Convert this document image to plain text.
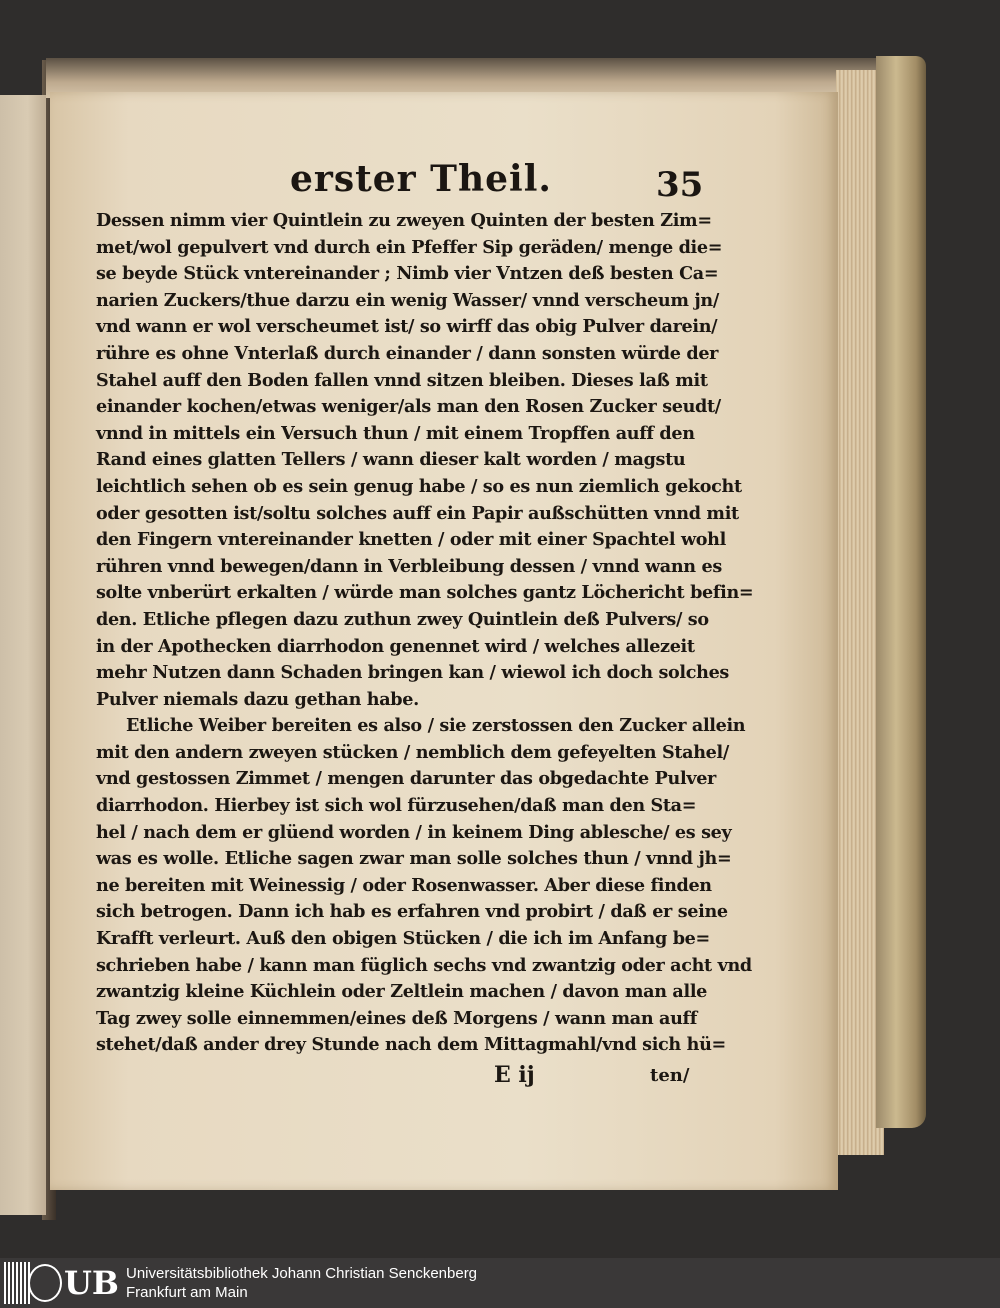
erster Theil.	35
Dessen nimm vier Quintlein zu zweyen Quinten der besten Zim=
met/wol gepulvert vnd durch ein Pfeffer Sip geräden/ menge die=
se beyde Stück vntereinander ; Nimb vier Vntzen deß besten Ca=
narien Zuckers/thue darzu ein wenig Wasser/ vnnd verscheum jn/
vnd wann er wol verscheumet ist/ so wirff das obig Pulver darein/
rühre es ohne Vnterlaß durch einander / dann sonsten würde der
Stahel auff den Boden fallen vnnd sitzen bleiben. Dieses laß mit
einander kochen/etwas weniger/als man den Rosen Zucker seudt/
vnnd in mittels ein Versuch thun / mit einem Tropffen auff den
Rand eines glatten Tellers / wann dieser kalt worden / magstu
leichtlich sehen ob es sein genug habe / so es nun ziemlich gekocht
oder gesotten ist/soltu solches auff ein Papir außschütten vnnd mit
den Fingern vntereinander knetten / oder mit einer Spachtel wohl
rühren vnnd bewegen/dann in Verbleibung dessen / vnnd wann es
solte vnberürt erkalten / würde man solches gantz Löchericht befin=
den. Etliche pflegen dazu zuthun zwey Quintlein deß Pulvers/ so
in der Apothecken diarrhodon genennet wird / welches allezeit
mehr Nutzen dann Schaden bringen kan / wiewol ich doch solches
Pulver niemals dazu gethan habe.
Etliche Weiber bereiten es also / sie zerstossen den Zucker allein
mit den andern zweyen stücken / nemblich dem gefeyelten Stahel/
vnd gestossen Zimmet / mengen darunter das obgedachte Pulver
diarrhodon. Hierbey ist sich wol fürzusehen/daß man den Sta=
hel / nach dem er glüend worden / in keinem Ding ablesche/ es sey
was es wolle. Etliche sagen zwar man solle solches thun / vnnd jh=
ne bereiten mit Weinessig / oder Rosenwasser. Aber diese finden
sich betrogen. Dann ich hab es erfahren vnd probirt / daß er seine
Krafft verleurt. Auß den obigen Stücken / die ich im Anfang be=
schrieben habe / kann man füglich sechs vnd zwantzig oder acht vnd
zwantzig kleine Küchlein oder Zeltlein machen / davon man alle
Tag zwey solle einnemmen/eines deß Morgens / wann man auff
stehet/daß ander drey Stunde nach dem Mittagmahl/vnd sich hü=
E ij	ten/
UB Universitätsbibliothek Johann Christian Senckenberg
Frankfurt am Main
